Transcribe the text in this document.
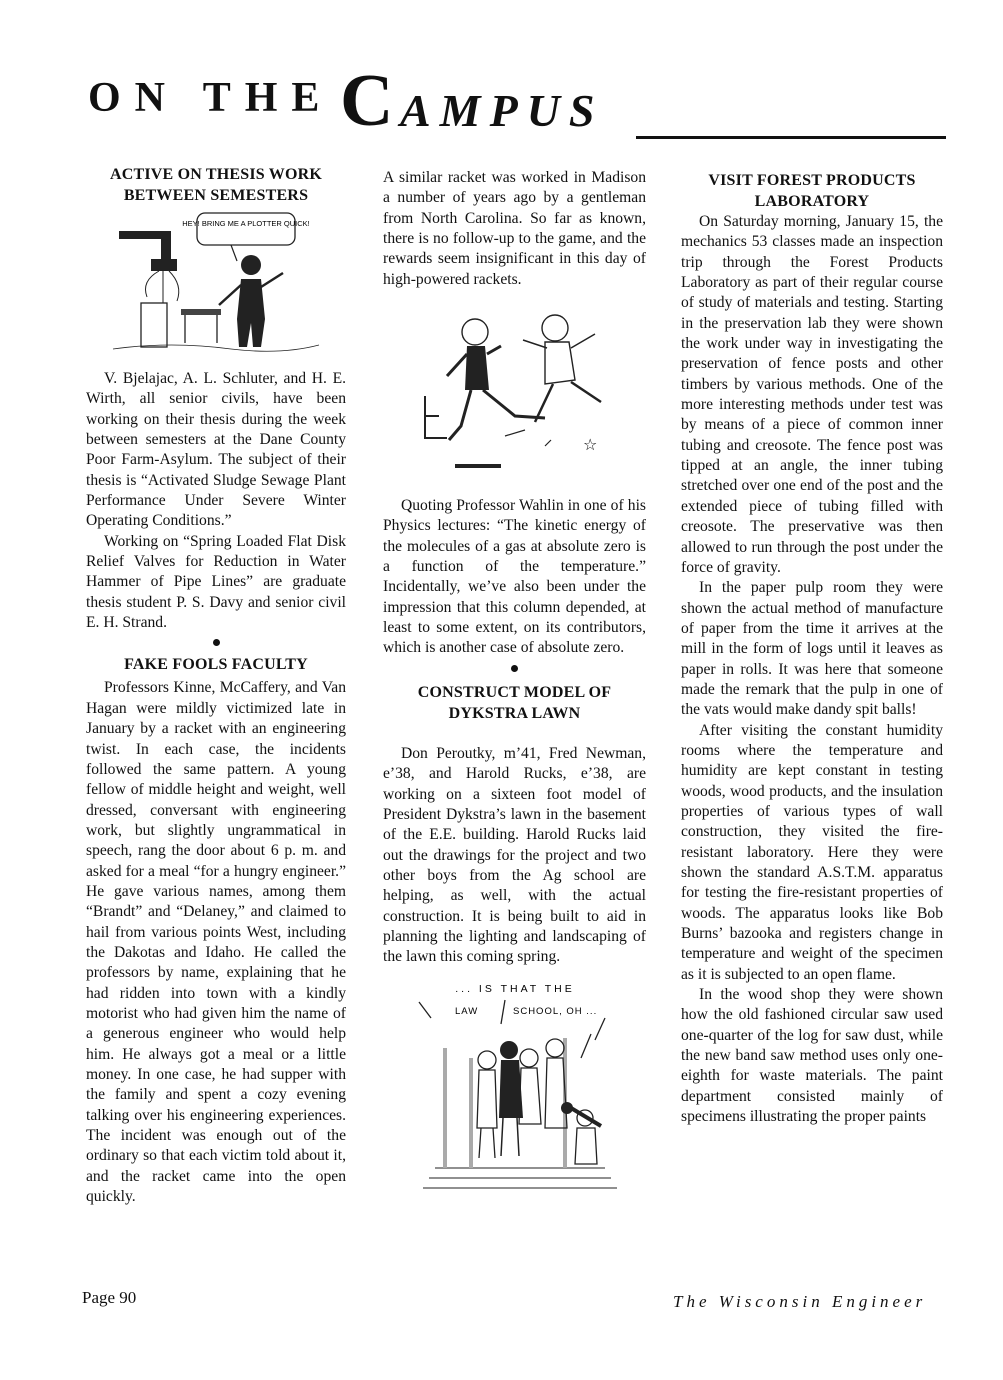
ON THE C AMPUS
ACTIVE ON THESIS WORK BETWEEN SEMESTERS
HEY! BRING ME A PLOTTER QUICK!

V. Bjelajac, A. L. Schluter, and H. E. Wirth, all senior civils, have been working on their thesis during the week between semesters at the Dane County Poor Farm-Asylum. The subject of their thesis is “Activated Sludge Sewage Plant Performance Under Severe Winter Operating Conditions.”

Working on “Spring Loaded Flat Disk Relief Valves for Reduction in Water Hammer of Pipe Lines” are graduate thesis student P. S. Davy and senior civil E. H. Strand.

FAKE FOOLS FACULTY

Professors Kinne, McCaffery, and Van Hagan were mildly victimized late in January by a racket with an engineering twist. In each case, the incidents followed the same pattern. A young fellow of middle height and weight, well dressed, conversant with engineering work, but slightly ungrammatical in speech, rang the door about 6 p. m. and asked for a meal “for a hungry engineer.” He gave various names, among them “Brandt” and “Delaney,” and claimed to hail from various points West, including the Dakotas and Idaho. He called the professors by name, explaining that he had ridden into town with a kindly motorist who had given him the name of a generous engineer who would help him. He always got a meal or a little money. In one case, he had supper with the family and spent a cozy evening talking over his engineering experiences. The incident was enough out of the ordinary so that each victim told about it, and the racket came into the open quickly.

A similar racket was worked in Madison a number of years ago by a gentleman from North Carolina. So far as known, there is no follow-up to the game, and the rewards seem insignificant in this day of high-powered rackets.

☆

Quoting Professor Wahlin in one of his Physics lectures: “The kinetic energy of the molecules of a gas at absolute zero is a function of the temperature.” Incidentally, we’ve also been under the impression that this column depended, at least to some extent, on its contributors, which is another case of absolute zero.

CONSTRUCT MODEL OF DYKSTRA LAWN

Don Peroutky, m’41, Fred Newman, e’38, and Harold Rucks, e’38, are working on a sixteen foot model of President Dykstra’s lawn in the basement of the E.E. building. Harold Rucks laid out the drawings for the project and two other boys from the Ag school are helping, as well, with the actual construction. It is being built to aid in planning the lighting and landscaping of the lawn this coming spring.

... IS THAT THE
LAW	SCHOOL, OH ...
VISIT FOREST PRODUCTS LABORATORY

On Saturday morning, January 15, the mechanics 53 classes made an inspection trip through the Forest Products Laboratory as part of their regular course of study of materials and testing. Starting in the preservation lab they were shown the work under way in investigating the preservation of fence posts and other timbers by various methods. One of the more interesting methods under test was by means of a piece of common inner tubing and creosote. The fence post was tipped at an angle, the inner tubing stretched over one end of the post and the extended piece of tubing filled with creosote. The preservative was then allowed to run through the post under the force of gravity.

In the paper pulp room they were shown the actual method of manufacture of paper from the time it arrives at the mill in the form of logs until it leaves as paper in rolls. It was here that someone made the remark that the pulp in one of the vats would make dandy spit balls!

After visiting the constant humidity rooms where the temperature and humidity are kept constant in testing woods, wood products, and the insulation properties of various types of wall construction, they visited the fire-resistant laboratory. Here they were shown the standard A.S.T.M. apparatus for testing the fire-resistant properties of woods. The apparatus looks like Bob Burns’ bazooka and registers change in temperature and weight of the specimen as it is subjected to an open flame.

In the wood shop they were shown how the old fashioned circular saw used one-quarter of the log for saw dust, while the new band saw method uses only one-eighth for waste materials. The paint department consisted mainly of specimens illustrating the proper paints

Page 90	The Wisconsin Engineer
